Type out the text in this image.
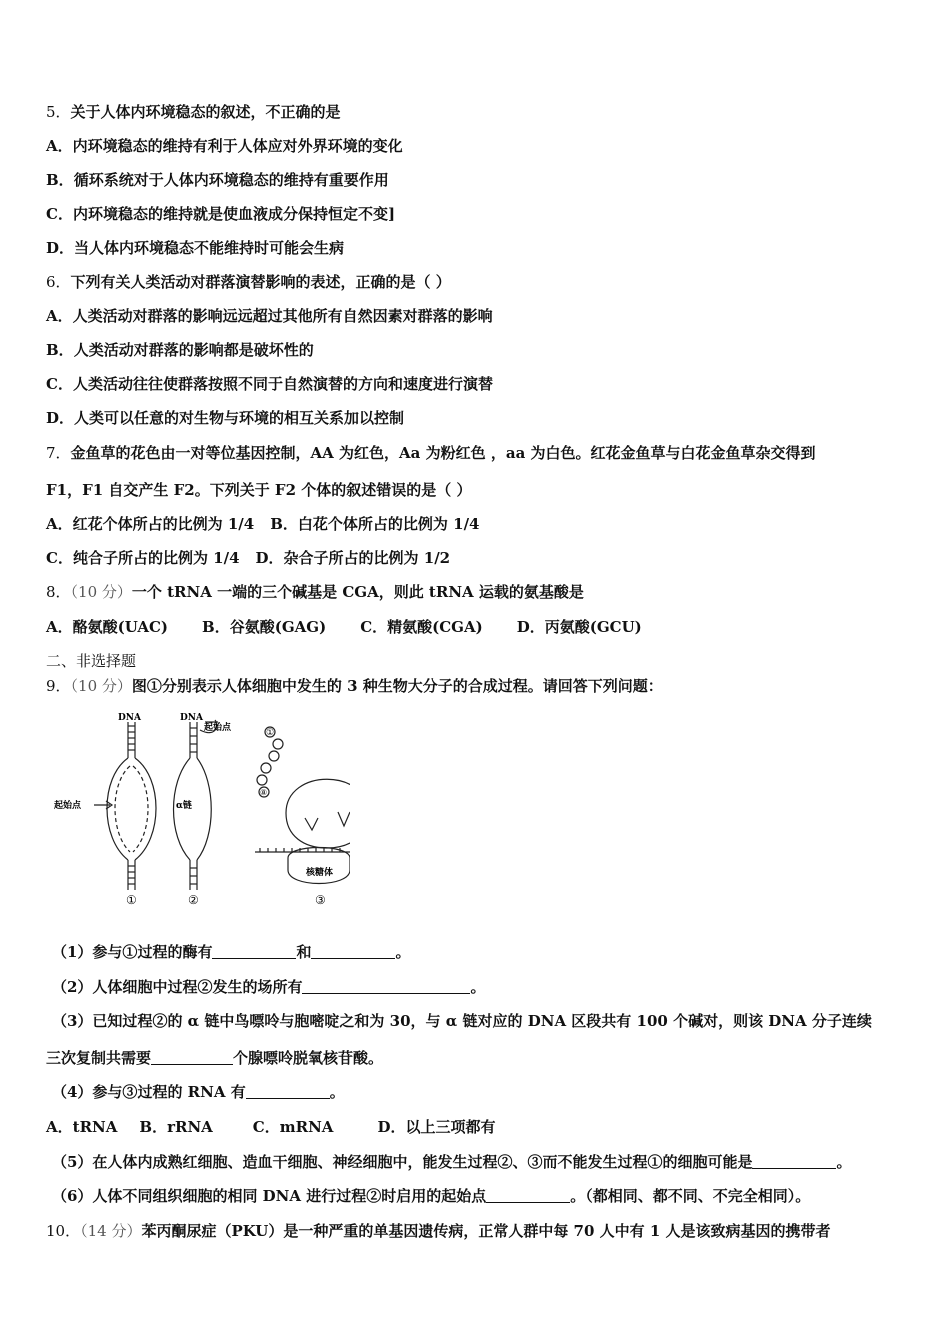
5．关于人体内环境稳态的叙述，不正确的是
A．内环境稳态的维持有利于人体应对外界环境的变化
B．循环系统对于人体内环境稳态的维持有重要作用
C．内环境稳态的维持就是使血液成分保持恒定不变]
D．当人体内环境稳态不能维持时可能会生病
6．下列有关人类活动对群落演替影响的表述，正确的是（ ）
A．人类活动对群落的影响远远超过其他所有自然因素对群落的影响
B．人类活动对群落的影响都是破坏性的
C．人类活动往往使群落按照不同于自然演替的方向和速度进行演替
D．人类可以任意的对生物与环境的相互关系加以控制
7．金鱼草的花色由一对等位基因控制，AA 为红色，Aa 为粉红色 ，aa 为白色。红花金鱼草与白花金鱼草杂交得到
F1，F1 自交产生 F2。下列关于 F2 个体的叙述错误的是（ ）
A．红花个体所占的比例为 1/4 B．白花个体所占的比例为 1/4
C．纯合子所占的比例为 1/4 D．杂合子所占的比例为 1/2
8．（10 分）一个 tRNA 一端的三个碱基是 CGA，则此 tRNA 运载的氨基酸是
A．酪氨酸(UAC) B．谷氨酸(GAG) C．精氨酸(CGA) D．丙氨酸(GCU)
二、非选择题
9．（10 分）图①分别表示人体细胞中发生的 3 种生物大分子的合成过程。请回答下列问题：
DNA
起始点
①
DNA
起始点
α链
②
①
⑧
核糖体
③
（1）参与①过程的酶有	和	。
（2）人体细胞中过程②发生的场所有	。
（3）已知过程②的 α 链中鸟嘌呤与胞嘧啶之和为 30，与 α 链对应的 DNA 区段共有 100 个碱对，则该 DNA 分子连续
三次复制共需要	个腺嘌呤脱氧核苷酸。
（4）参与③过程的 RNA 有	。
A．tRNA B．rRNA	C．mRNA	D．以上三项都有
（5）在人体内成熟红细胞、造血干细胞、神经细胞中，能发生过程②、③而不能发生过程①的细胞可能是	。
（6）人体不同组织细胞的相同 DNA 进行过程②时启用的起始点	。（都相同、都不同、不完全相同）。
10．（14 分）苯丙酮尿症（PKU）是一种严重的单基因遗传病，正常人群中每 70 人中有 1 人是该致病基因的携带者
